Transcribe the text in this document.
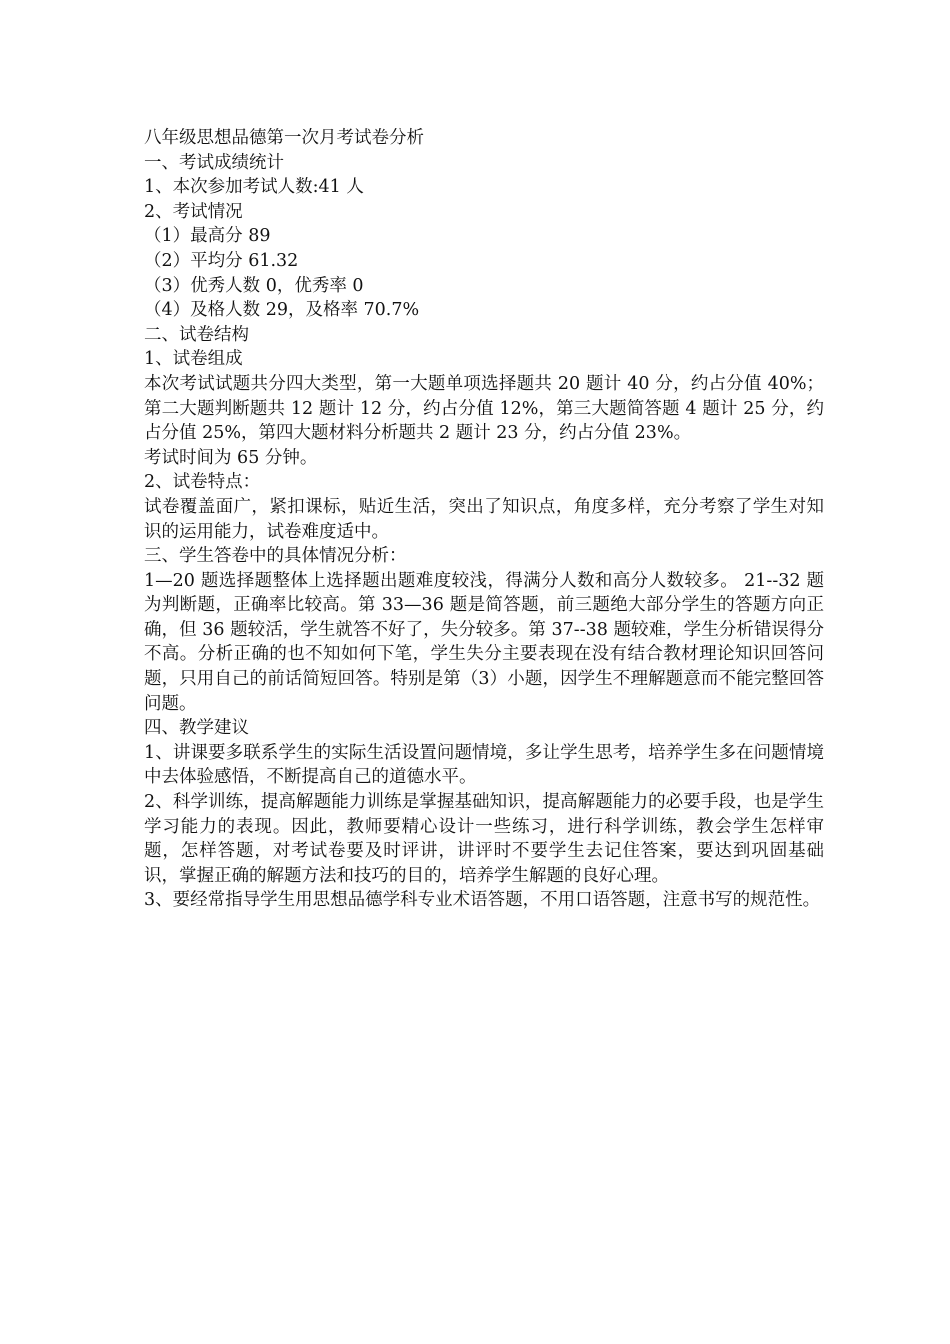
八年级思想品德第一次月考试卷分析

一、考试成绩统计

1、本次参加考试人数:41 人

2、考试情况

（1）最高分 89

（2）平均分 61.32

（3）优秀人数 0，优秀率 0

（4）及格人数 29，及格率 70.7%

二、试卷结构

1、试卷组成

本次考试试题共分四大类型，第一大题单项选择题共 20 题计 40 分，约占分值 40%；第二大题判断题共 12 题计 12 分，约占分值 12%，第三大题简答题 4 题计 25 分，约占分值 25%，第四大题材料分析题共 2 题计 23 分，约占分值 23%。

考试时间为 65 分钟。

2、试卷特点：

试卷覆盖面广，紧扣课标，贴近生活，突出了知识点，角度多样，充分考察了学生对知识的运用能力，试卷难度适中。

三、学生答卷中的具体情况分析：

1—20 题选择题整体上选择题出题难度较浅，得满分人数和高分人数较多。 21--32 题为判断题，正确率比较高。第 33—36 题是简答题，前三题绝大部分学生的答题方向正确，但 36 题较活，学生就答不好了，失分较多。第 37--38 题较难，学生分析错误得分不高。分析正确的也不知如何下笔，学生失分主要表现在没有结合教材理论知识回答问题，只用自己的前话简短回答。特别是第（3）小题，因学生不理解题意而不能完整回答问题。

四、教学建议

1、讲课要多联系学生的实际生活设置问题情境，多让学生思考，培养学生多在问题情境中去体验感悟，不断提高自己的道德水平。

2、科学训练，提高解题能力训练是掌握基础知识，提高解题能力的必要手段，也是学生学习能力的表现。因此，教师要精心设计一些练习，进行科学训练，教会学生怎样审题，怎样答题，对考试卷要及时评讲，讲评时不要学生去记住答案，要达到巩固基础识，掌握正确的解题方法和技巧的目的，培养学生解题的良好心理。

3、要经常指导学生用思想品德学科专业术语答题，不用口语答题，注意书写的规范性。
